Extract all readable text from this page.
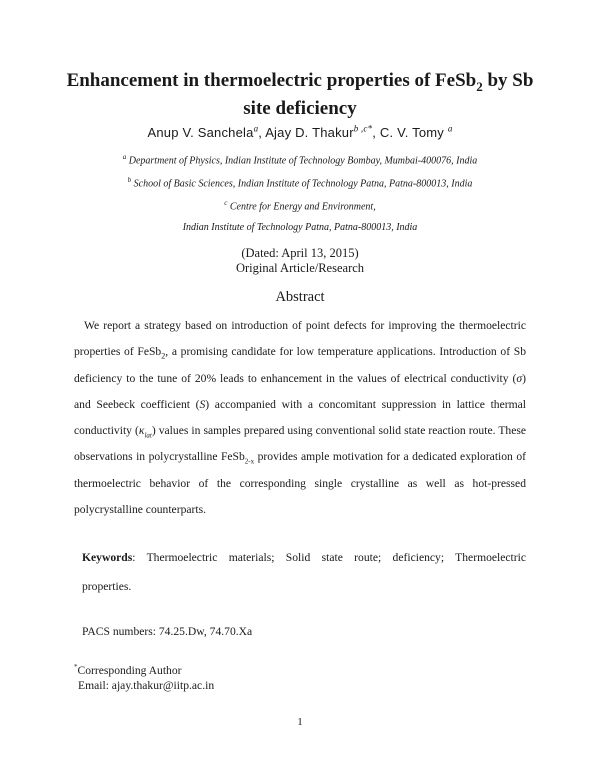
Enhancement in thermoelectric properties of FeSb$_2$ by Sb
site deficiency
Anup V. Sanchela$^a$, Ajay D. Thakur$^{b ,c*}$, C. V. Tomy $^a$
$^a$ Department of Physics, Indian Institute of Technology Bombay, Mumbai-400076, India
$^b$ School of Basic Sciences, Indian Institute of Technology Patna, Patna-800013, India
$^c$ Centre for Energy and Environment,
Indian Institute of Technology Patna, Patna-800013, India
(Dated: April 13, 2015)
Original Article/Research
Abstract
We report a strategy based on introduction of point defects for improving the thermoelectric
properties of FeSb$_2$, a promising candidate for low temperature applications. Introduction of Sb
deficiency to the tune of 20% leads to enhancement in the values of electrical conductivity (σ)
and Seebeck coefficient (S) accompanied with a concomitant suppression in lattice thermal
conductivity $(\kappa_{lat})$ values in samples prepared using conventional solid state reaction route. These
observations in polycrystalline FeSb$_{2-x}$ provides ample motivation for a dedicated exploration of
thermoelectric behavior of the corresponding single crystalline as well as hot-pressed
polycrystalline counterparts.
Keywords: Thermoelectric materials; Solid state route; deficiency; Thermoelectric
properties.
PACS numbers: 74.25.Dw, 74.70.Xa
*Corresponding Author
Email: ajay.thakur@iitp.ac.in
1
